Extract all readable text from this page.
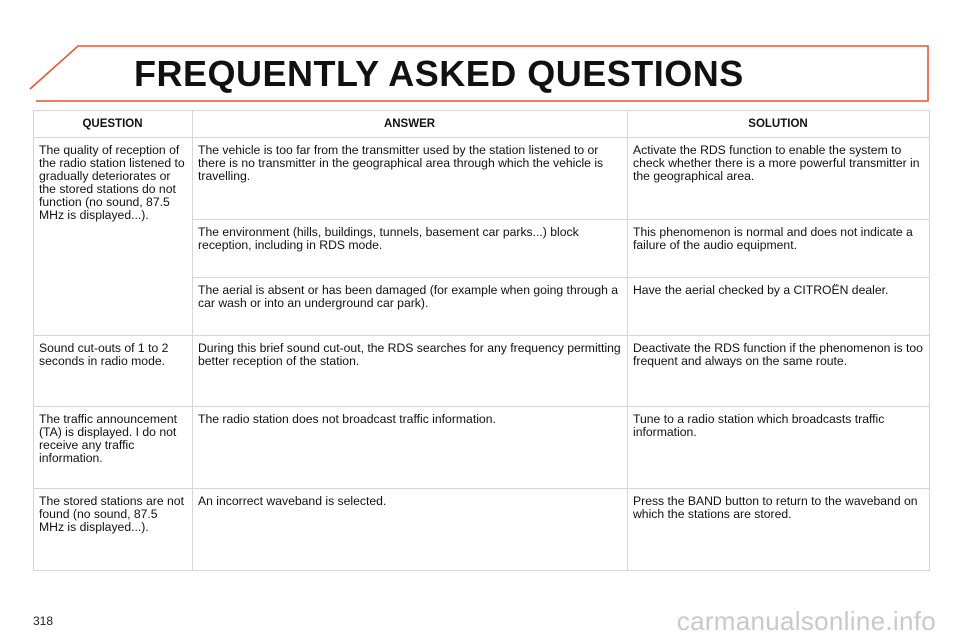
FREQUENTLY ASKED QUESTIONS
QUESTION	ANSWER	SOLUTION
The quality of reception of the radio station listened to gradually deteriorates or the stored stations do not function (no sound, 87.5 MHz is displayed...).	The vehicle is too far from the transmitter used by the station listened to or there is no transmitter in the geographical area through which the vehicle is travelling.	Activate the RDS function to enable the system to check whether there is a more powerful transmitter in the geographical area.
	The environment (hills, buildings, tunnels, basement car parks...) block reception, including in RDS mode.	This phenomenon is normal and does not indicate a failure of the audio equipment.
	The aerial is absent or has been damaged (for example when going through a car wash or into an underground car park).	Have the aerial checked by a CITROËN dealer.
Sound cut-outs of 1 to 2 seconds in radio mode.	During this brief sound cut-out, the RDS searches for any frequency permitting better reception of the station.	Deactivate the RDS function if the phenomenon is too frequent and always on the same route.
The traffic announcement (TA) is displayed. I do not receive any traffic information.	The radio station does not broadcast traffic information.	Tune to a radio station which broadcasts traffic information.
The stored stations are not found (no sound, 87.5 MHz is displayed...).	An incorrect waveband is selected.	Press the BAND button to return to the waveband on which the stations are stored.
318	carmanualsonline.info
